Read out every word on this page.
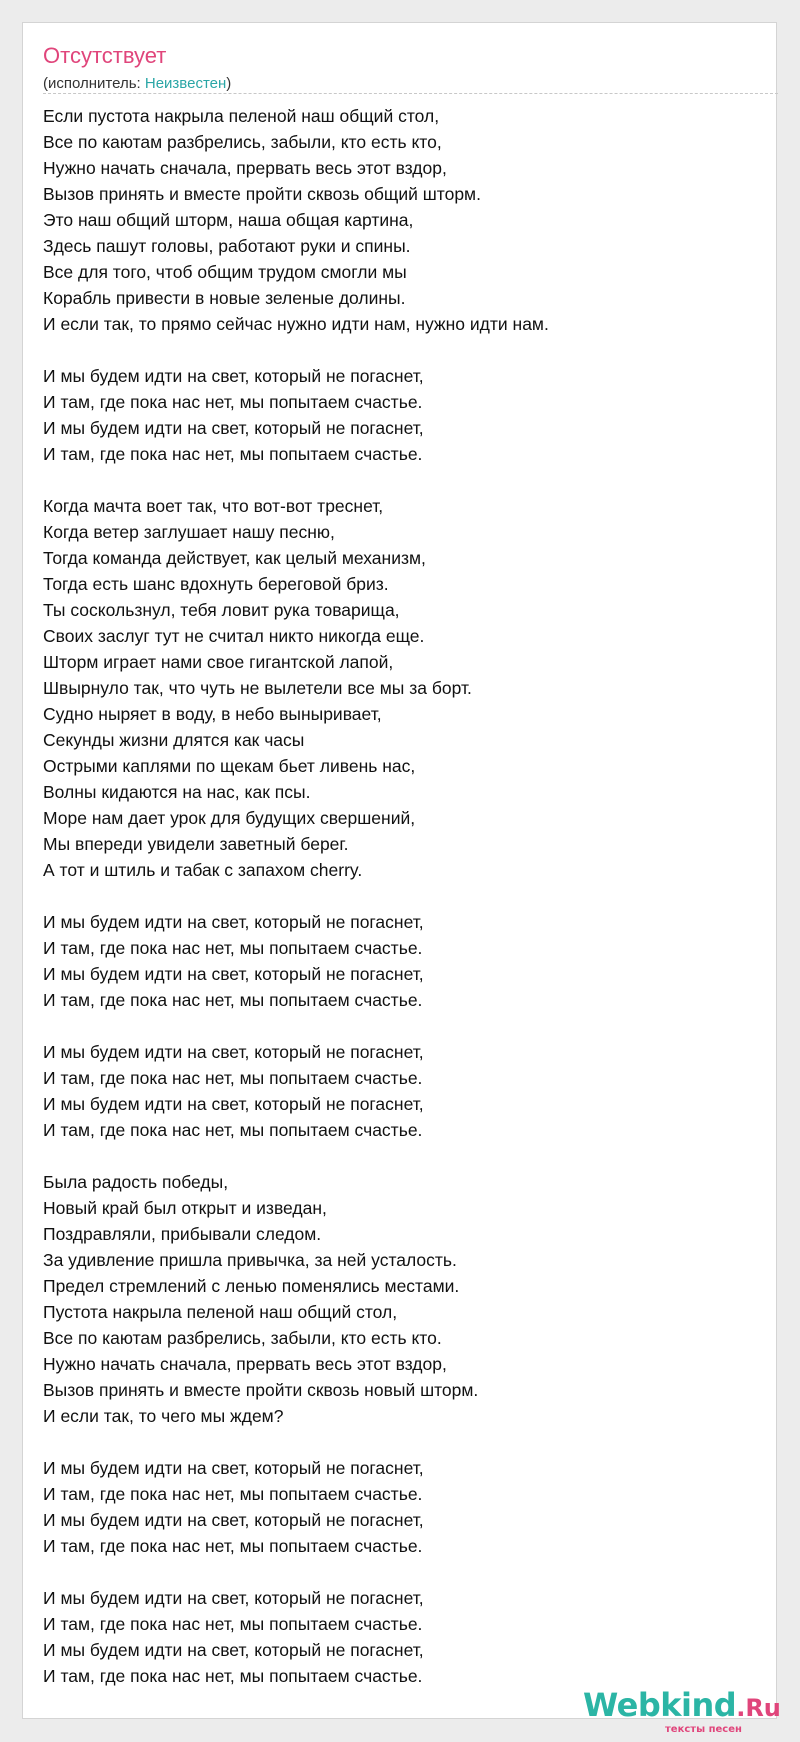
Отсутствует
(исполнитель: Неизвестен)
Если пустота накрыла пеленой наш общий стол,
Все по каютам разбрелись, забыли, кто есть кто,
Нужно начать сначала, прервать весь этот вздор,
Вызов принять и вместе пройти сквозь общий шторм.
Это наш общий шторм, наша общая картина,
Здесь пашут головы, работают руки и спины.
Все для того, чтоб общим трудом смогли мы
Корабль привести в новые зеленые долины.
И если так, то прямо сейчас нужно идти нам, нужно идти нам.
И мы будем идти на свет, который не погаснет,
И там, где пока нас нет, мы попытаем счастье.
И мы будем идти на свет, который не погаснет,
И там, где пока нас нет, мы попытаем счастье.
Когда мачта воет так, что вот-вот треснет,
Когда ветер заглушает нашу песню,
Тогда команда действует, как целый механизм,
Тогда есть шанс вдохнуть береговой бриз.
Ты соскользнул, тебя ловит рука товарища,
Своих заслуг тут не считал никто никогда еще.
Шторм играет нами свое гигантской лапой,
Швырнуло так, что чуть не вылетели все мы за борт.
Судно ныряет в воду, в небо выныривает,
Секунды жизни длятся как часы
Острыми каплями по щекам бьет ливень нас,
Волны кидаются на нас, как псы.
Море нам дает урок для будущих свершений,
Мы впереди увидели заветный берег.
А тот и штиль и табак с запахом cherry.
И мы будем идти на свет, который не погаснет,
И там, где пока нас нет, мы попытаем счастье.
И мы будем идти на свет, который не погаснет,
И там, где пока нас нет, мы попытаем счастье.
И мы будем идти на свет, который не погаснет,
И там, где пока нас нет, мы попытаем счастье.
И мы будем идти на свет, который не погаснет,
И там, где пока нас нет, мы попытаем счастье.
Была радость победы,
Новый край был открыт и изведан,
Поздравляли, прибывали следом.
За удивление пришла привычка, за ней усталость.
Предел стремлений с ленью поменялись местами.
Пустота накрыла пеленой наш общий стол,
Все по каютам разбрелись, забыли, кто есть кто.
Нужно начать сначала, прервать весь этот вздор,
Вызов принять и вместе пройти сквозь новый шторм.
И если так, то чего мы ждем?
И мы будем идти на свет, который не погаснет,
И там, где пока нас нет, мы попытаем счастье.
И мы будем идти на свет, который не погаснет,
И там, где пока нас нет, мы попытаем счастье.
И мы будем идти на свет, который не погаснет,
И там, где пока нас нет, мы попытаем счастье.
И мы будем идти на свет, который не погаснет,
И там, где пока нас нет, мы попытаем счастье.
Webkind.Ru
тексты песен
